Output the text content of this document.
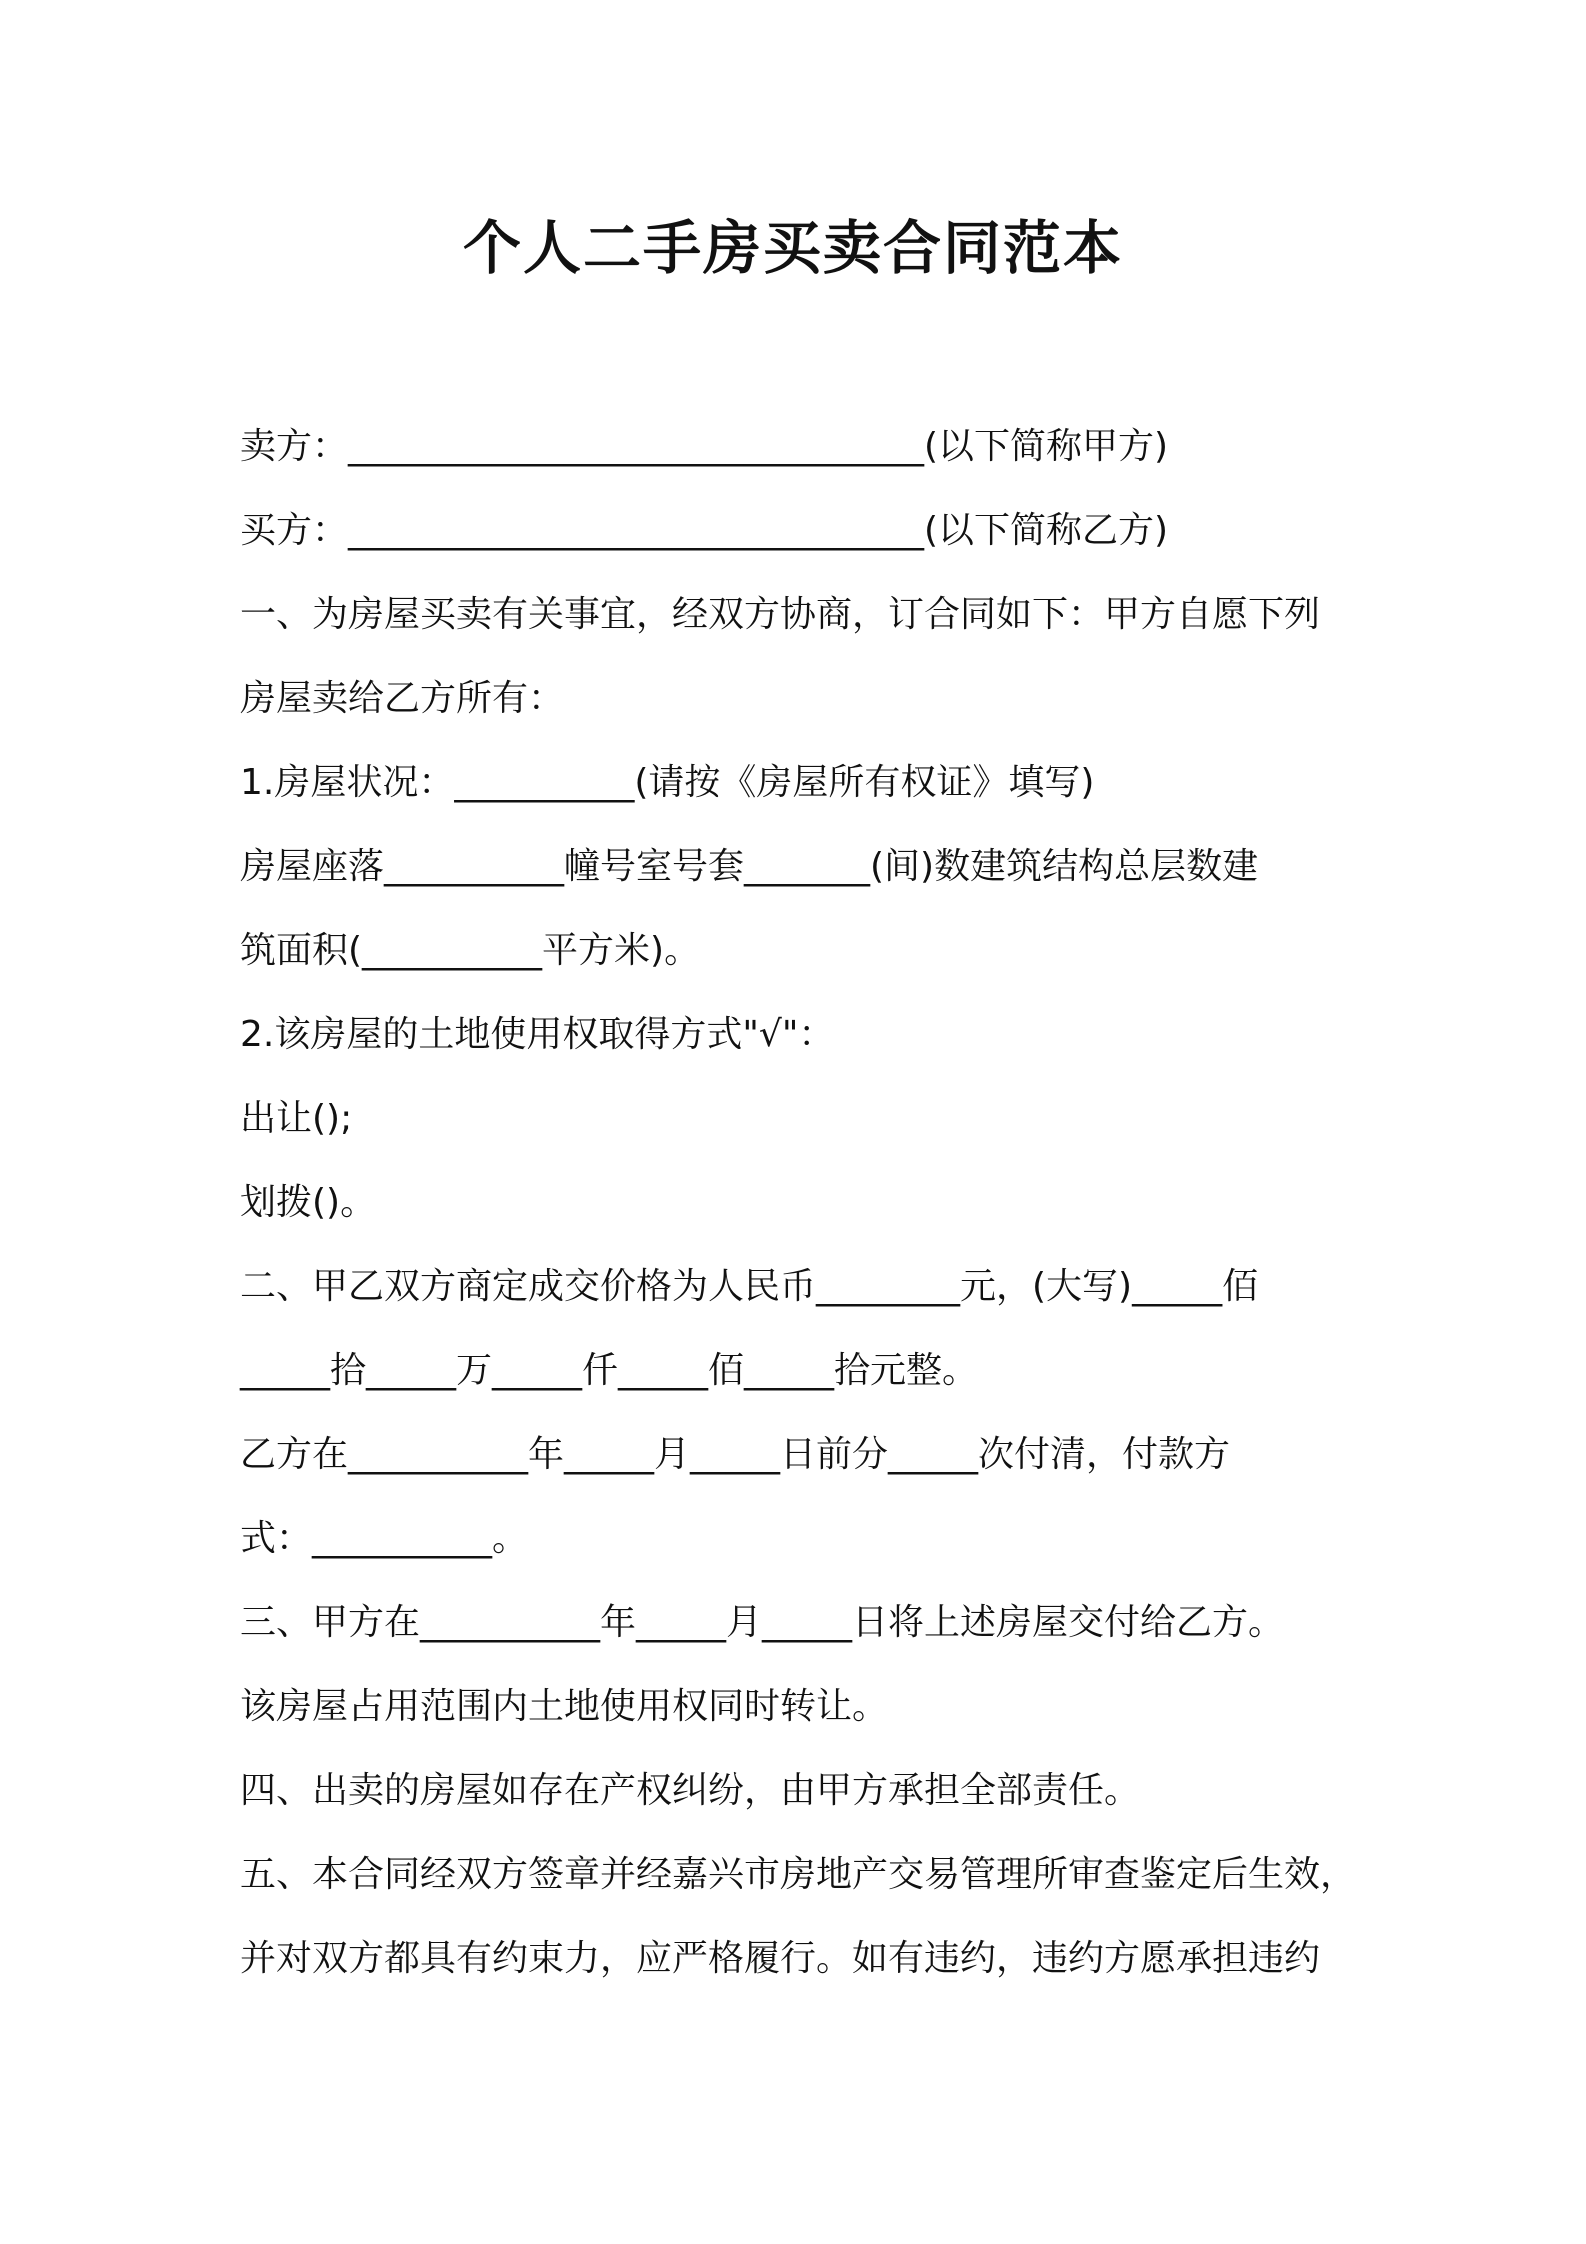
个人二手房买卖合同范本
卖方：________________________________(以下简称甲方)
买方：________________________________(以下简称乙方)
一、为房屋买卖有关事宜，经双方协商，订合同如下：甲方自愿下列
房屋卖给乙方所有：
1.房屋状况：__________(请按《房屋所有权证》填写)
房屋座落__________幢号室号套_______(间)数建筑结构总层数建
筑面积(__________平方米)。
2.该房屋的土地使用权取得方式"√"：
出让();
划拨()。
二、甲乙双方商定成交价格为人民币________元，(大写)_____佰
_____拾_____万_____仟_____佰_____拾元整。
乙方在__________年_____月_____日前分_____次付清，付款方
式：__________。
三、甲方在__________年_____月_____日将上述房屋交付给乙方。
该房屋占用范围内土地使用权同时转让。
四、出卖的房屋如存在产权纠纷，由甲方承担全部责任。
五、本合同经双方签章并经嘉兴市房地产交易管理所审查鉴定后生效，
并对双方都具有约束力，应严格履行。如有违约，违约方愿承担违约
